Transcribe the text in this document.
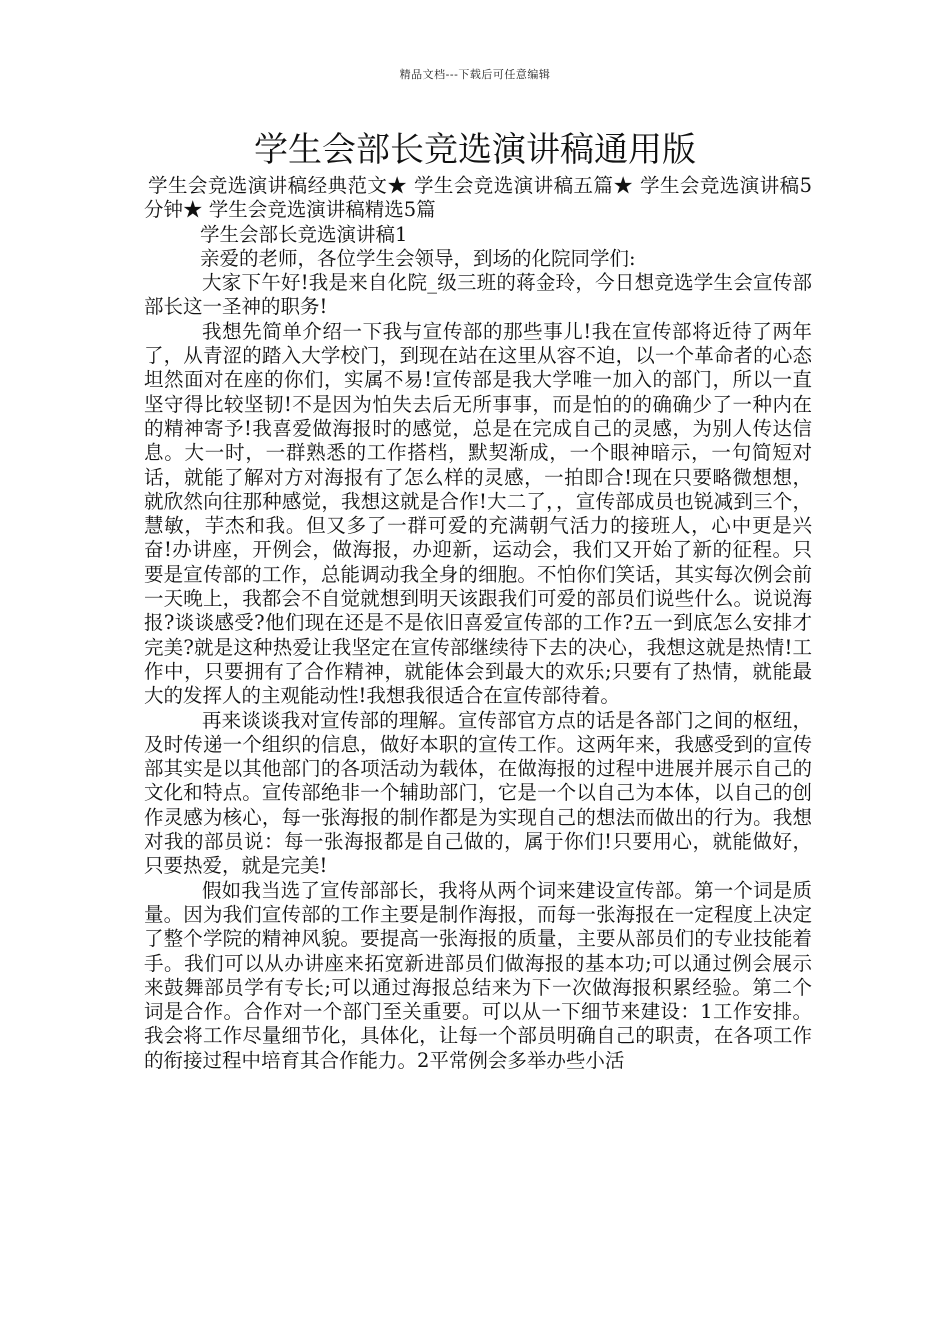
精品文档---下载后可任意编辑
学生会部长竞选演讲稿通用版

学生会竞选演讲稿经典范文★ 学生会竞选演讲稿五篇★ 学生会竞选演讲稿5分钟★ 学生会竞选演讲稿精选5篇

学生会部长竞选演讲稿1

亲爱的老师，各位学生会领导，到场的化院同学们:

大家下午好!我是来自化院_级三班的蒋金玲，今日想竞选学生会宣传部部长这一圣神的职务!

我想先简单介绍一下我与宣传部的那些事儿!我在宣传部将近待了两年了，从青涩的踏入大学校门，到现在站在这里从容不迫，以一个革命者的心态坦然面对在座的你们，实属不易!宣传部是我大学唯一加入的部门，所以一直坚守得比较坚韧!不是因为怕失去后无所事事，而是怕的的确确少了一种内在的精神寄予!我喜爱做海报时的感觉，总是在完成自己的灵感，为别人传达信息。大一时，一群熟悉的工作搭档，默契渐成，一个眼神暗示，一句简短对话，就能了解对方对海报有了怎么样的灵感，一拍即合!现在只要略微想想，就欣然向往那种感觉，我想这就是合作!大二了，，宣传部成员也锐减到三个，慧敏，芋杰和我。但又多了一群可爱的充满朝气活力的接班人，心中更是兴奋!办讲座，开例会，做海报，办迎新，运动会，我们又开始了新的征程。只要是宣传部的工作，总能调动我全身的细胞。不怕你们笑话，其实每次例会前一天晚上，我都会不自觉就想到明天该跟我们可爱的部员们说些什么。说说海报?谈谈感受?他们现在还是不是依旧喜爱宣传部的工作?五一到底怎么安排才完美?就是这种热爱让我坚定在宣传部继续待下去的决心，我想这就是热情!工作中，只要拥有了合作精神，就能体会到最大的欢乐;只要有了热情，就能最大的发挥人的主观能动性!我想我很适合在宣传部待着。

再来谈谈我对宣传部的理解。宣传部官方点的话是各部门之间的枢纽，及时传递一个组织的信息，做好本职的宣传工作。这两年来，我感受到的宣传部其实是以其他部门的各项活动为载体，在做海报的过程中进展并展示自己的文化和特点。宣传部绝非一个辅助部门，它是一个以自己为本体，以自己的创作灵感为核心，每一张海报的制作都是为实现自己的想法而做出的行为。我想对我的部员说：每一张海报都是自己做的，属于你们!只要用心，就能做好，只要热爱，就是完美!

假如我当选了宣传部部长，我将从两个词来建设宣传部。第一个词是质量。因为我们宣传部的工作主要是制作海报，而每一张海报在一定程度上决定了整个学院的精神风貌。要提高一张海报的质量，主要从部员们的专业技能着手。我们可以从办讲座来拓宽新进部员们做海报的基本功;可以通过例会展示来鼓舞部员学有专长;可以通过海报总结来为下一次做海报积累经验。第二个词是合作。合作对一个部门至关重要。可以从一下细节来建设：1工作安排。我会将工作尽量细节化，具体化，让每一个部员明确自己的职责，在各项工作的衔接过程中培育其合作能力。2平常例会多举办些小活
